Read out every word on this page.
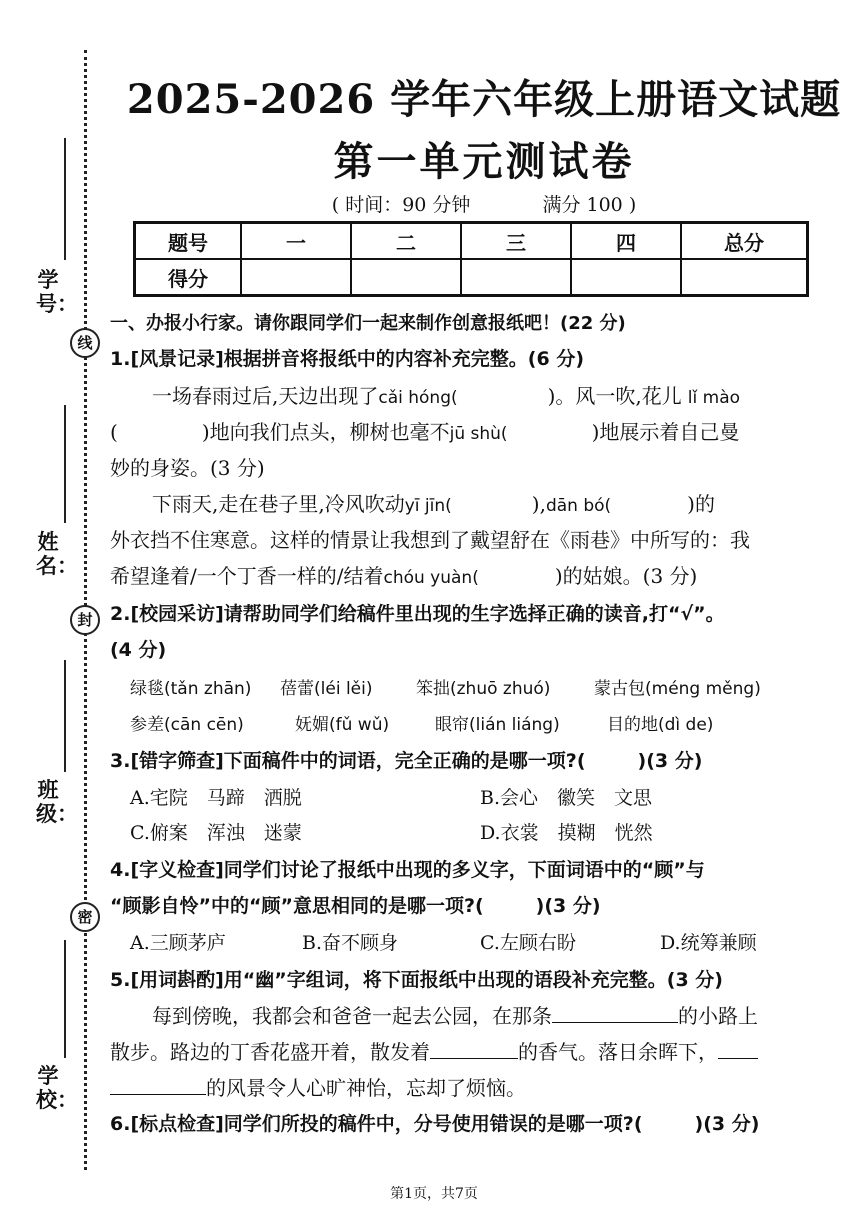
线
封
密
学号：
姓名：
班级：
学校：
2025-2026 学年六年级上册语文试题
第一单元测试卷
( 时间：90 分钟	满分 100 )
题号	一	二	三	四	总分
得分					
一、办报小行家。请你跟同学们一起来制作创意报纸吧！(22 分)
1.[风景记录]根据拼音将报纸中的内容补充完整。(6 分)
一场春雨过后,天边出现了cǎi hóng(	)。风一吹,花儿 lǐ mào
(	)地向我们点头，柳树也毫不jū shù(	)地展示着自己曼
妙的身姿。(3 分)
下雨天,走在巷子里,冷风吹动yī jīn(	),dān bó(	)的
外衣挡不住寒意。这样的情景让我想到了戴望舒在《雨巷》中所写的：我
希望逢着/一个丁香一样的/结着chóu yuàn(	)的姑娘。(3 分)
2.[校园采访]请帮助同学们给稿件里出现的生字选择正确的读音,打“√”。
(4 分)
绿毯(tǎn zhān) 蓓蕾(léi lěi)	笨拙(zhuō zhuó)	蒙古包(méng měng)
参差(cān cēn)	妩媚(fǔ wǔ)	眼帘(lián liáng)	目的地(dì de)
3.[错字筛查]下面稿件中的词语，完全正确的是哪一项?(	)(3 分)
A.宅院　马蹄　洒脱	B.会心　徽笑　文思
C.俯案　浑浊　迷蒙	D.衣裳　摸糊　恍然
4.[字义检查]同学们讨论了报纸中出现的多义字，下面词语中的“顾”与
“顾影自怜”中的“顾”意思相同的是哪一项?(	)(3 分)
A.三顾茅庐	B.奋不顾身	C.左顾右盼	D.统筹兼顾
5.[用词斟酌]用“幽”字组词，将下面报纸中出现的语段补充完整。(3 分)
每到傍晚，我都会和爸爸一起去公园，在那条	的小路上
散步。路边的丁香花盛开着，散发着	的香气。落日余晖下，
的风景令人心旷神怡，忘却了烦恼。
6.[标点检查]同学们所投的稿件中，分号使用错误的是哪一项?(	)(3 分)
第1页，共7页
